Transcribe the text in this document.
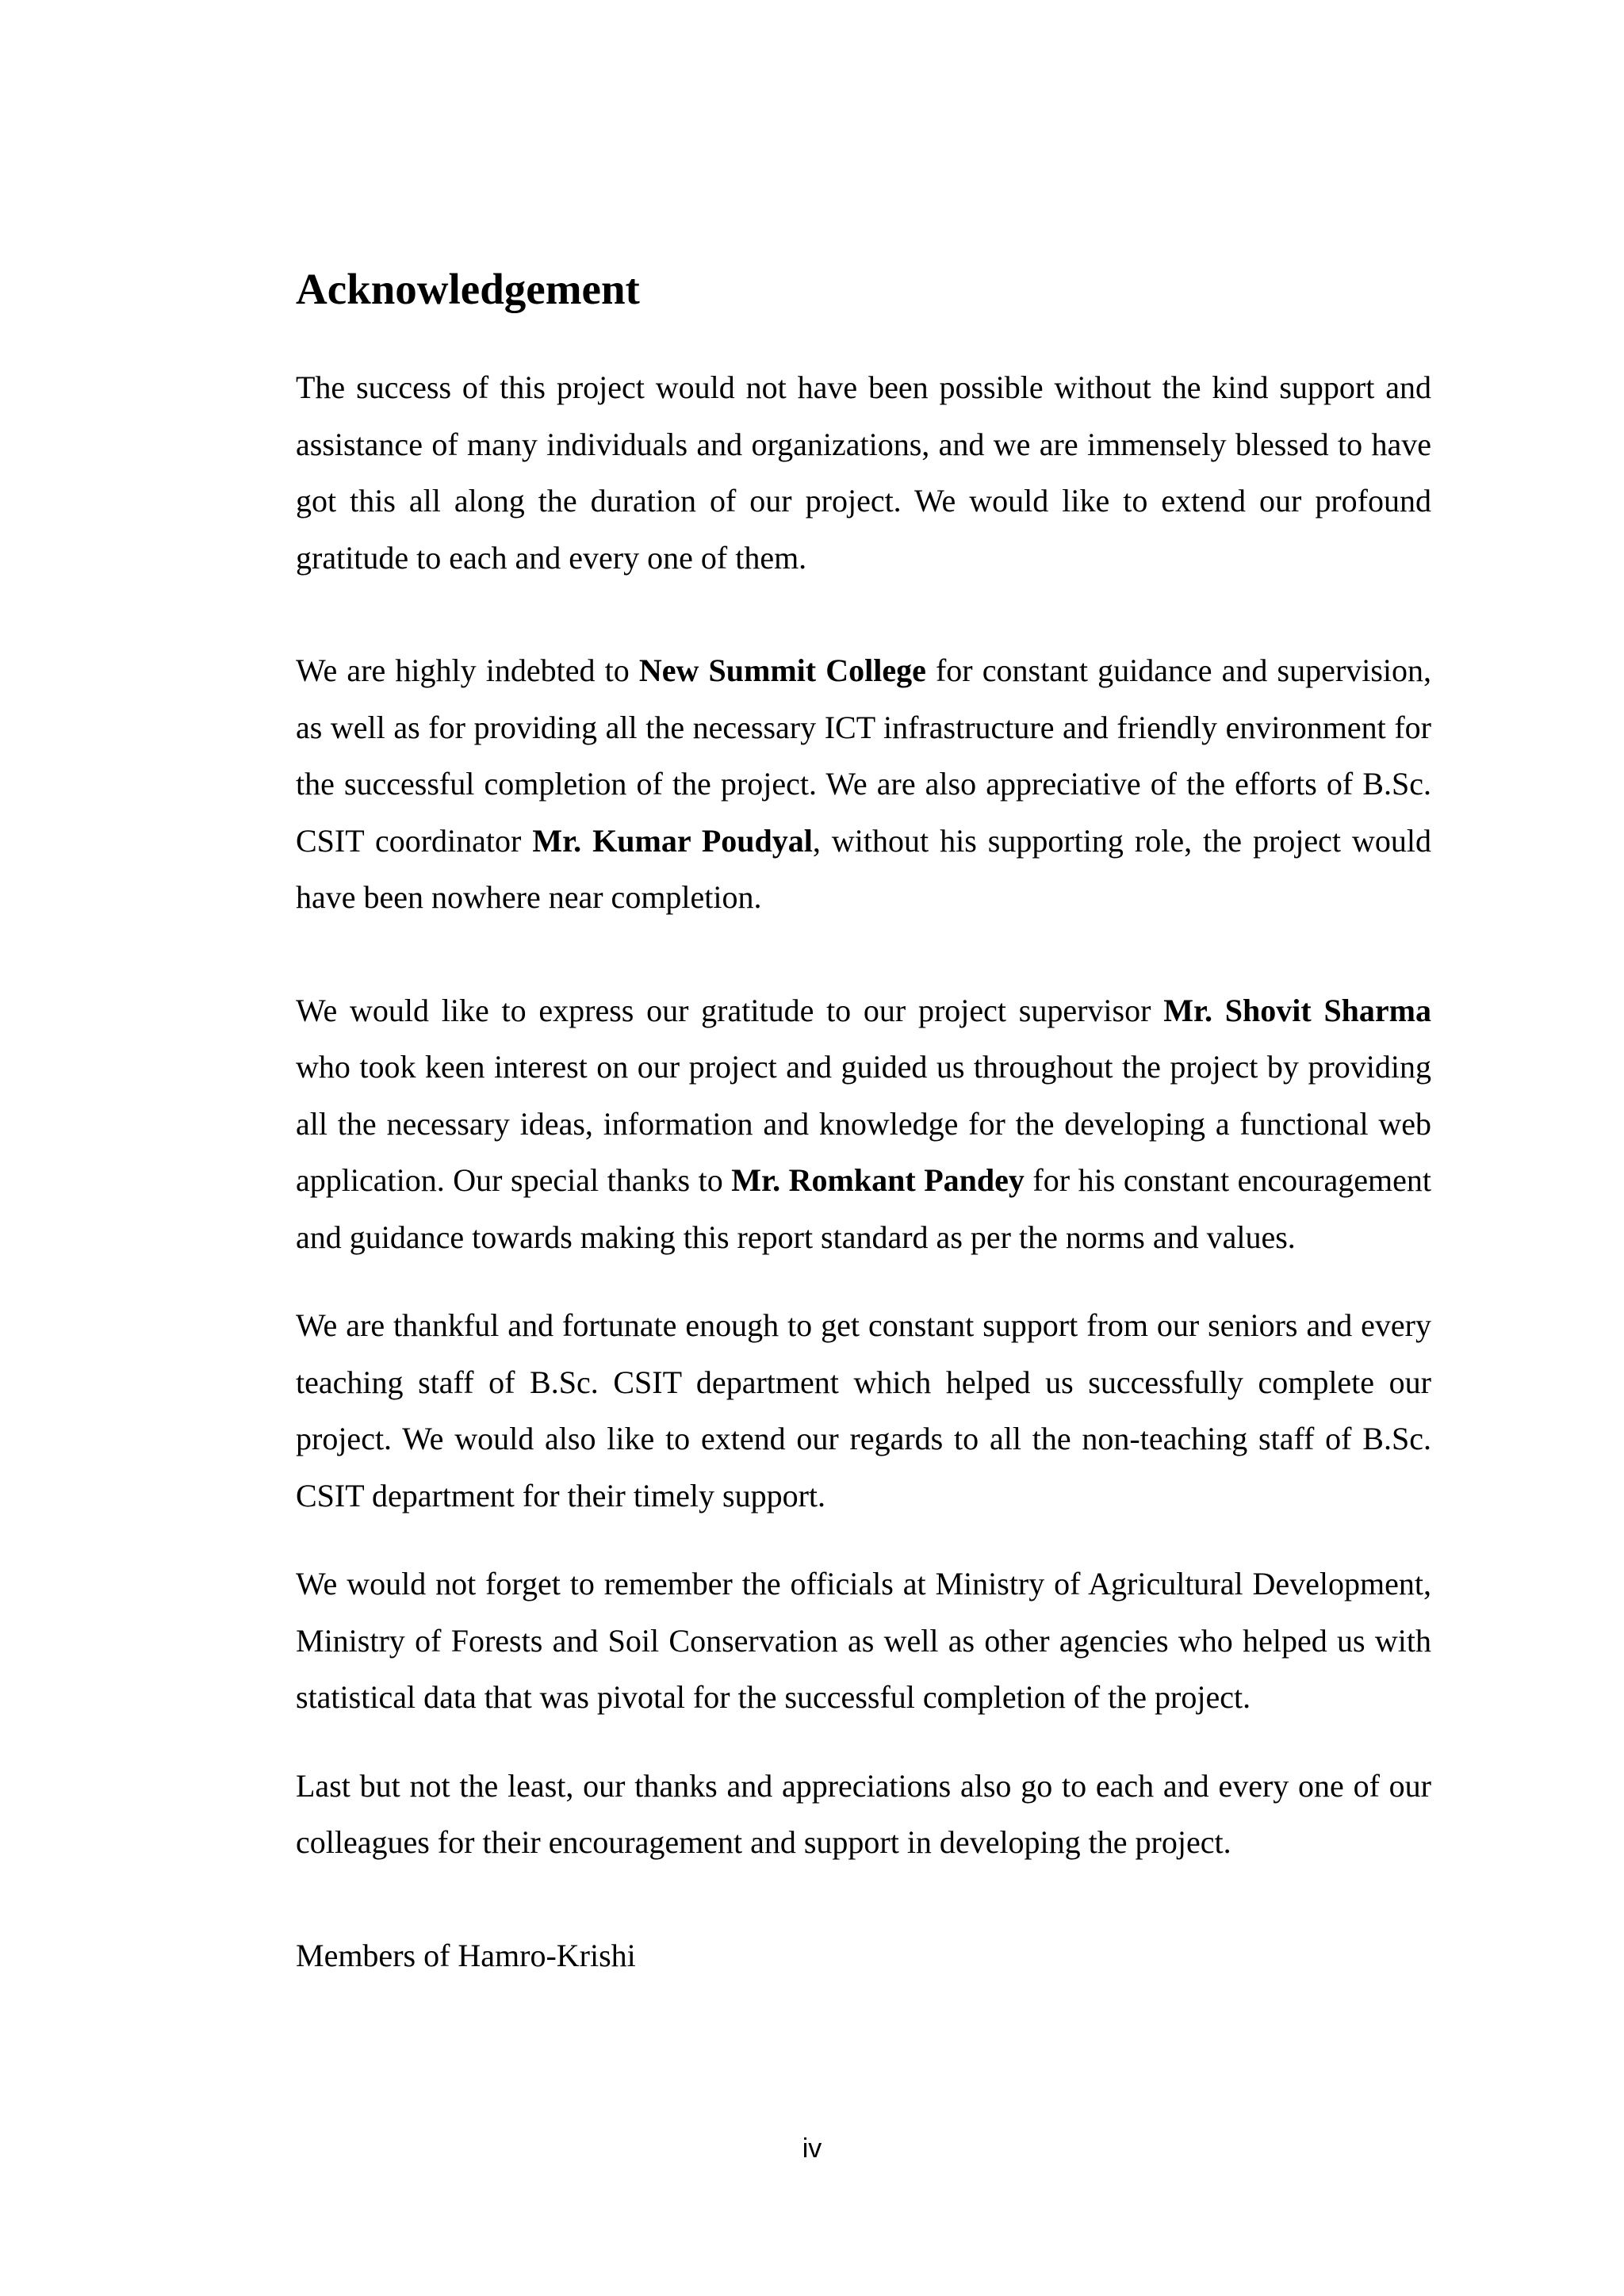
Acknowledgement

The success of this project would not have been possible without the kind support and assistance of many individuals and organizations, and we are immensely blessed to have got this all along the duration of our project. We would like to extend our profound gratitude to each and every one of them.

We are highly indebted to New Summit College for constant guidance and supervision, as well as for providing all the necessary ICT infrastructure and friendly environment for the successful completion of the project. We are also appreciative of the efforts of B.Sc. CSIT coordinator Mr. Kumar Poudyal, without his supporting role, the project would have been nowhere near completion.

We would like to express our gratitude to our project supervisor Mr. Shovit Sharma who took keen interest on our project and guided us throughout the project by providing all the necessary ideas, information and knowledge for the developing a functional web application. Our special thanks to Mr. Romkant Pandey for his constant encouragement and guidance towards making this report standard as per the norms and values.

We are thankful and fortunate enough to get constant support from our seniors and every teaching staff of B.Sc. CSIT department which helped us successfully complete our project. We would also like to extend our regards to all the non-teaching staff of B.Sc. CSIT department for their timely support.

We would not forget to remember the officials at Ministry of Agricultural Development, Ministry of Forests and Soil Conservation as well as other agencies who helped us with statistical data that was pivotal for the successful completion of the project.

Last but not the least, our thanks and appreciations also go to each and every one of our colleagues for their encouragement and support in developing the project.

Members of Hamro-Krishi

iv
